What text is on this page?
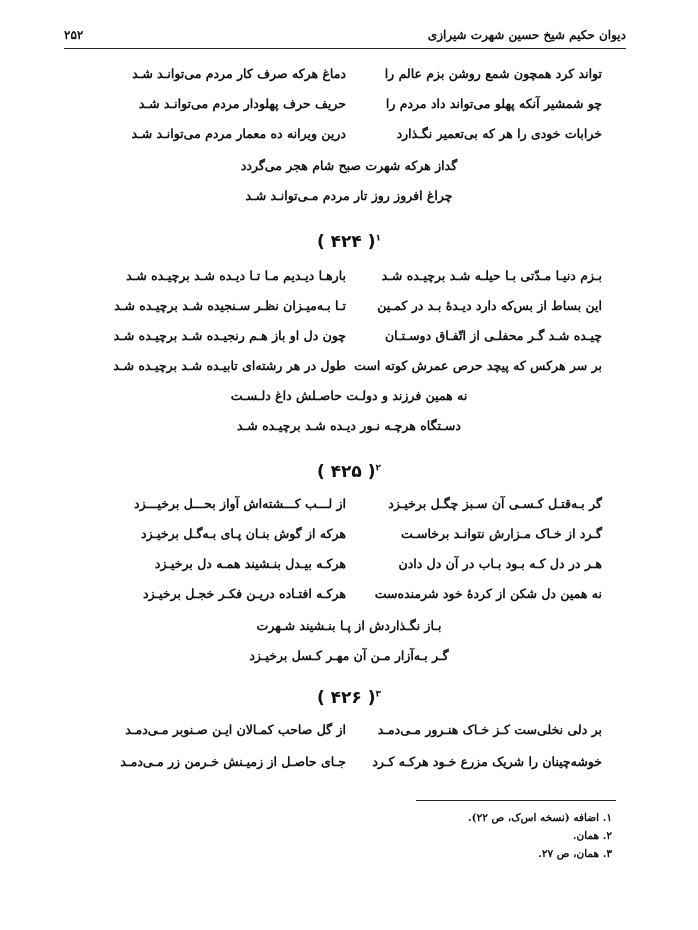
دیوان حکیم شیخ حسین شهرت شیرازی
۲۵۲
تواند کرد همچون شمع روشن بزم عالم را
دماغ هرکه صرف کار مردم می‌توانـد شـد
چو شمشیر آنکه پهلو می‌تواند داد مردم را
حریف حرف پهلودار مردم می‌توانـد شـد
خرابات خودی را هر که بی‌تعمیر نگـذارد
درین ویرانه ده معمار مردم می‌توانـد شـد
گداز هرکه شهرت صبح شام هجر می‌گردد
چراغ افروز روز تار مردم مـی‌توانـد شـد
$^۱$( ۴۲۴ )
بـزم دنیـا مـدّتی بـا حیلـه شـد برچیـده شـد
بارهـا دیـدیم مـا تـا دیـده شـد برچیـده شـد
این بساط از بس‌که دارد دیـدهٔ بـد در کمـین
تـا بـه‌میـزان نظـر سـنجیده شـد برچیـده شـد
چیـده شـد گـر محفلـی از اتّفـاق دوسـتـان
چون دل او باز هـم رنجیـده شـد برچیـده شـد
بر سر هرکس که پیچد حرص عمرش کوته است
طول در هر رشته‌ای تابیـده شـد برچیـده شـد
نه همین فرزند و دولـت حاصـلش داغ دلـسـت
دسـتگاه هرچـه نـور دیـده شـد برچیـده شـد
$^۲$( ۴۲۵ )
گر بـه‌قتـل کـسـی آن سـبز چگـل برخیـزد
از لـــب کـــشته‌اش آواز بحـــل برخیـــزد
گـرد از خـاک مـزارش نتوانـد برخاسـت
هرکه از گوش بنـان پـای بـه‌گـل برخیـزد
هـر در دل کـه بـود بـاب در آن دل دادن
هرکـه بیـدل بنـشیند همـه دل برخیـزد
نه همین دل شکن از کردهٔ خود شرمنده‌ست
هرکـه افتـاده دریـن فکـر خجـل برخیـزد
بـاز نگـذاردش از پـا بنـشیند شـهرت
گـر بـه‌آزار مـن آن مهـر کـسل برخیـزد
$^۳$( ۴۲۶ )
بر دلی نخلی‌ست کـز خـاک هنـرور مـی‌دمـد
از گل صاحب کمـالان ایـن صـنوبر مـی‌دمـد
خوشه‌چینان را شریک مزرع خـود هرکـه کـرد
جـای حاصـل از زمیـنش خـرمن زر مـی‌دمـد
۱. اضافه (نسخه اس‌ک، ص ۲۲).
۲. همان.
۳. همان، ص ۲۷.
